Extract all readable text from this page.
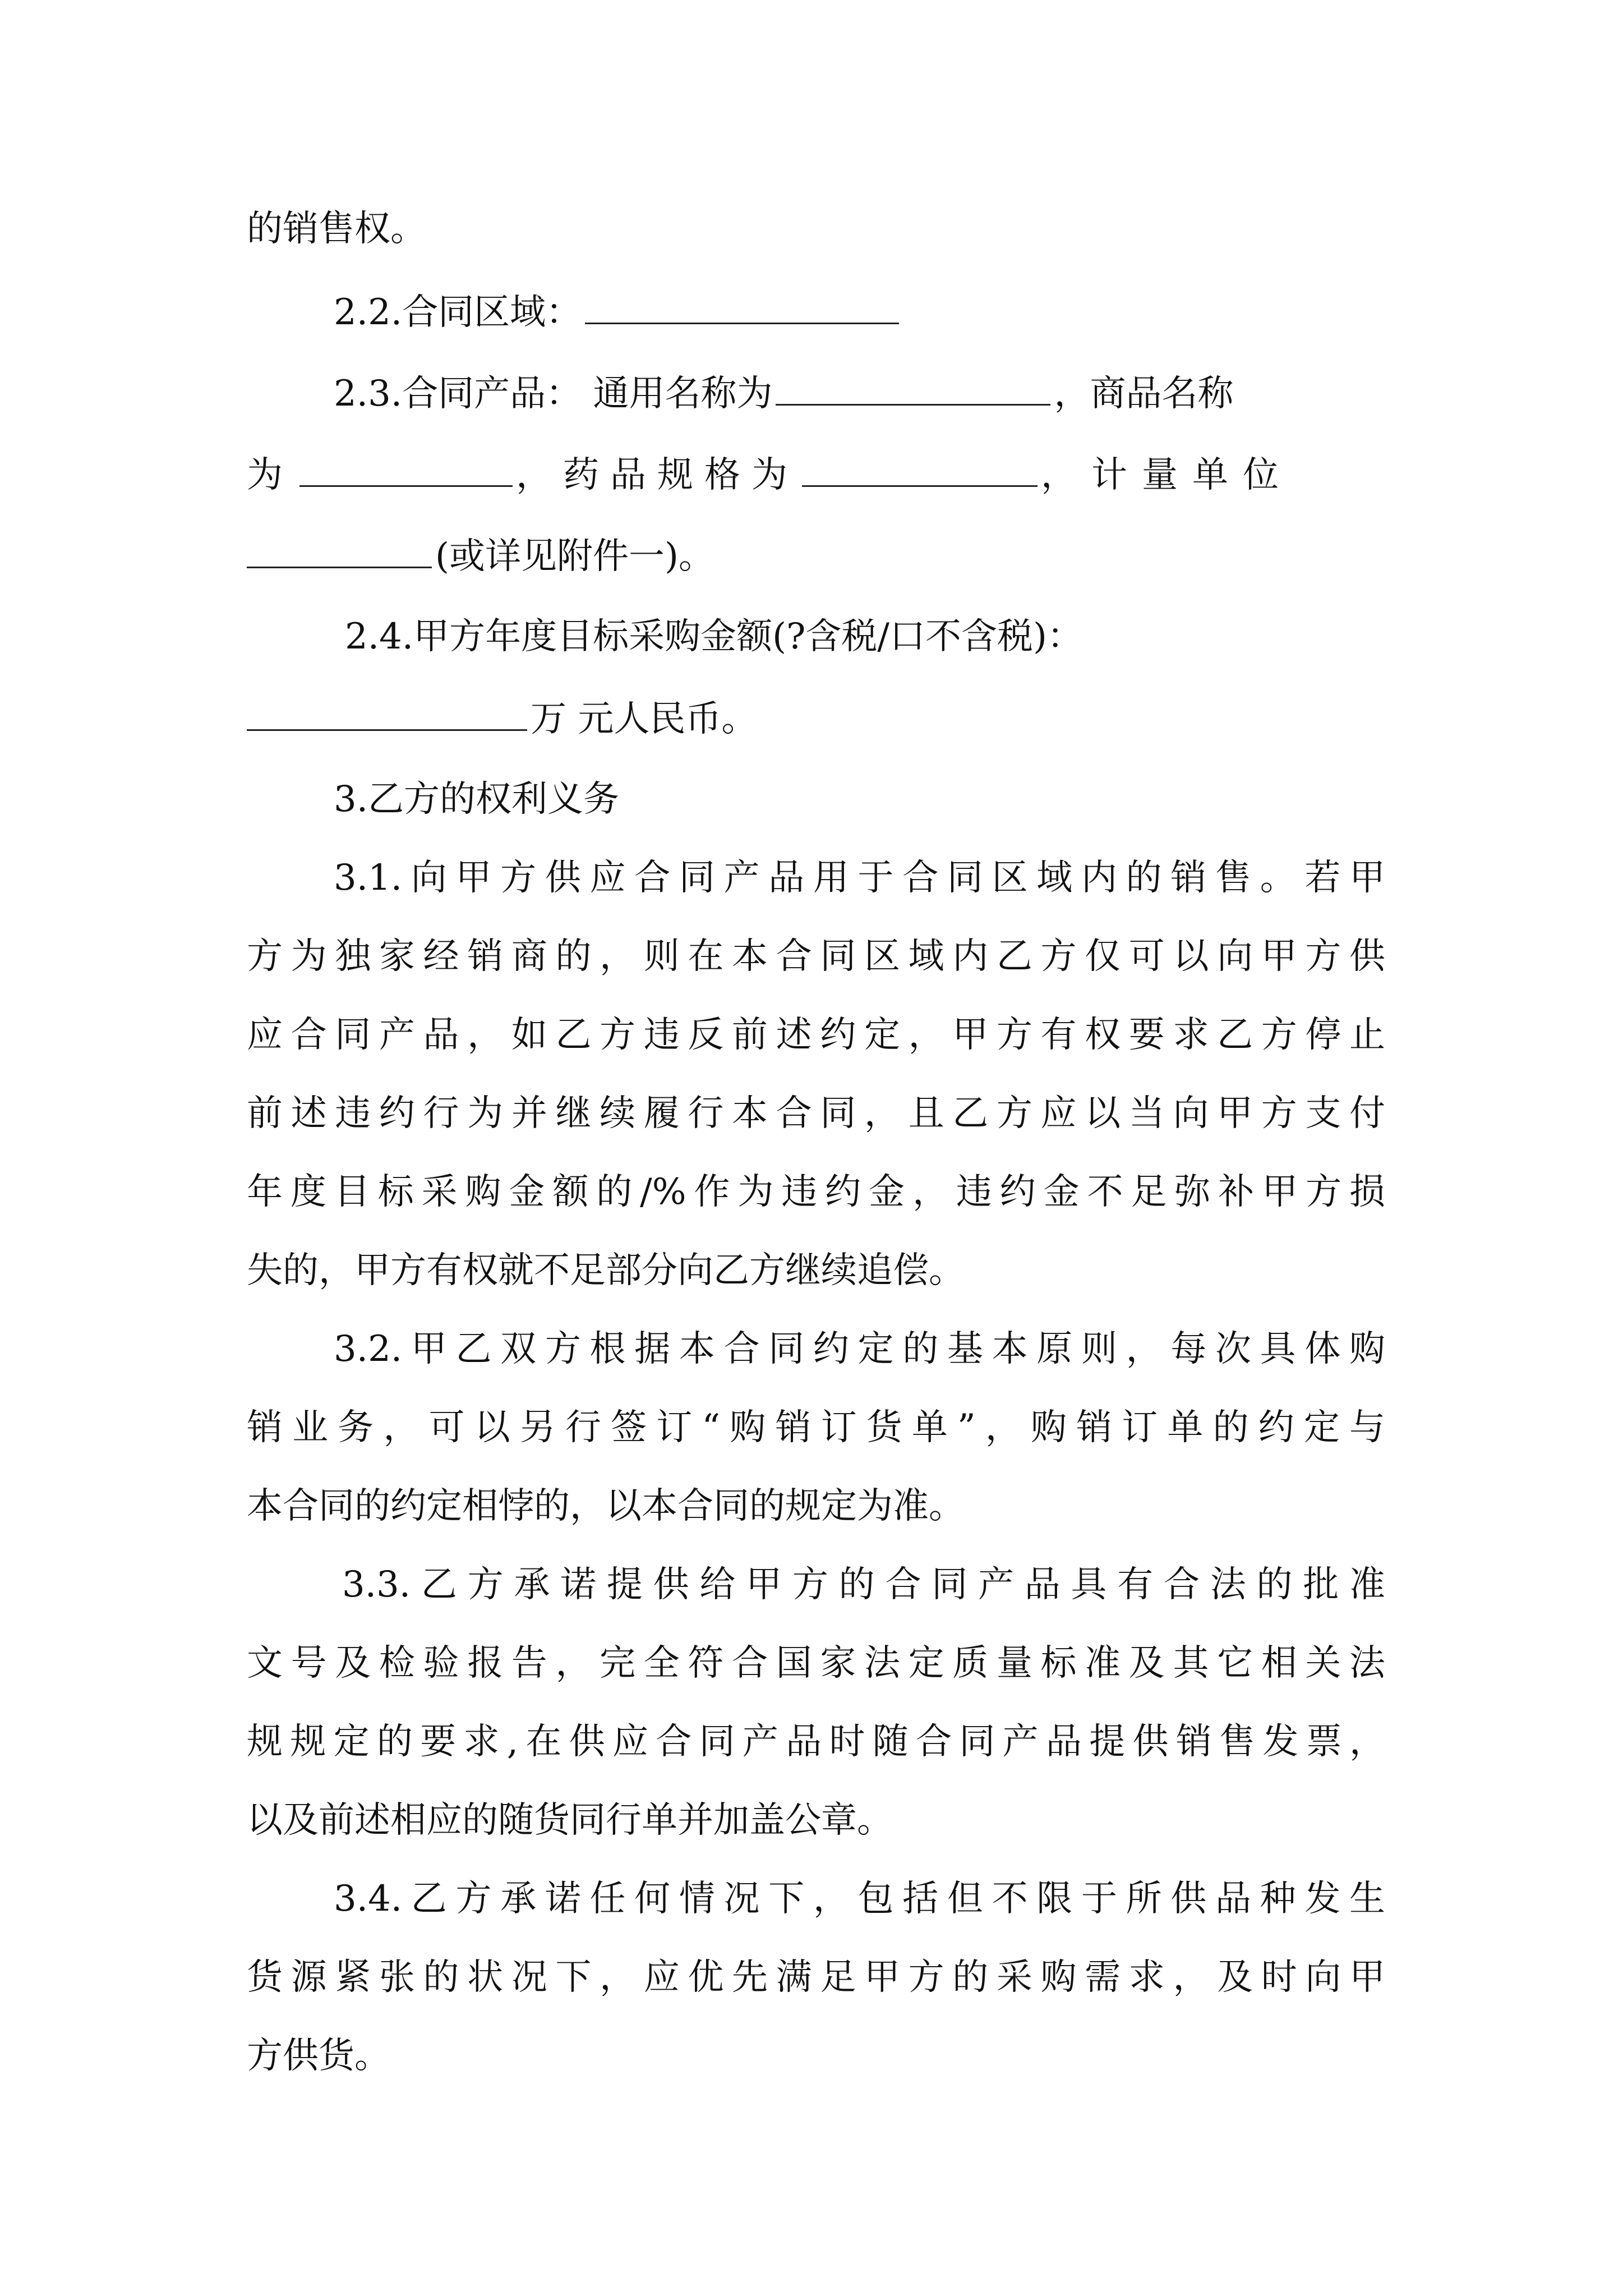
的销售权。
2.2.合同区域：
2.3.合同产品： 通用名称为	，商品名称
为	，药品规格为	，计量单位
(或详见附件一)。
2.4.甲方年度目标采购金额(?含税/口不含税)：
万 元人民币。
3.乙方的权利义务
3.1.向甲方供应合同产品用于合同区域内的销售。若甲
方为独家经销商的，则在本合同区域内乙方仅可以向甲方供
应合同产品，如乙方违反前述约定，甲方有权要求乙方停止
前述违约行为并继续履行本合同，且乙方应以当向甲方支付
年度目标采购金额的/%作为违约金，违约金不足弥补甲方损
失的，甲方有权就不足部分向乙方继续追偿。
3.2.甲乙双方根据本合同约定的基本原则，每次具体购
销业务，可以另行签订“购销订货单”，购销订单的约定与
本合同的约定相悖的，以本合同的规定为准。
3.3.乙方承诺提供给甲方的合同产品具有合法的批准
文号及检验报告，完全符合国家法定质量标准及其它相关法
规规定的要求,在供应合同产品时随合同产品提供销售发票，
以及前述相应的随货同行单并加盖公章。
3.4.乙方承诺任何情况下，包括但不限于所供品种发生
货源紧张的状况下，应优先满足甲方的采购需求，及时向甲
方供货。
